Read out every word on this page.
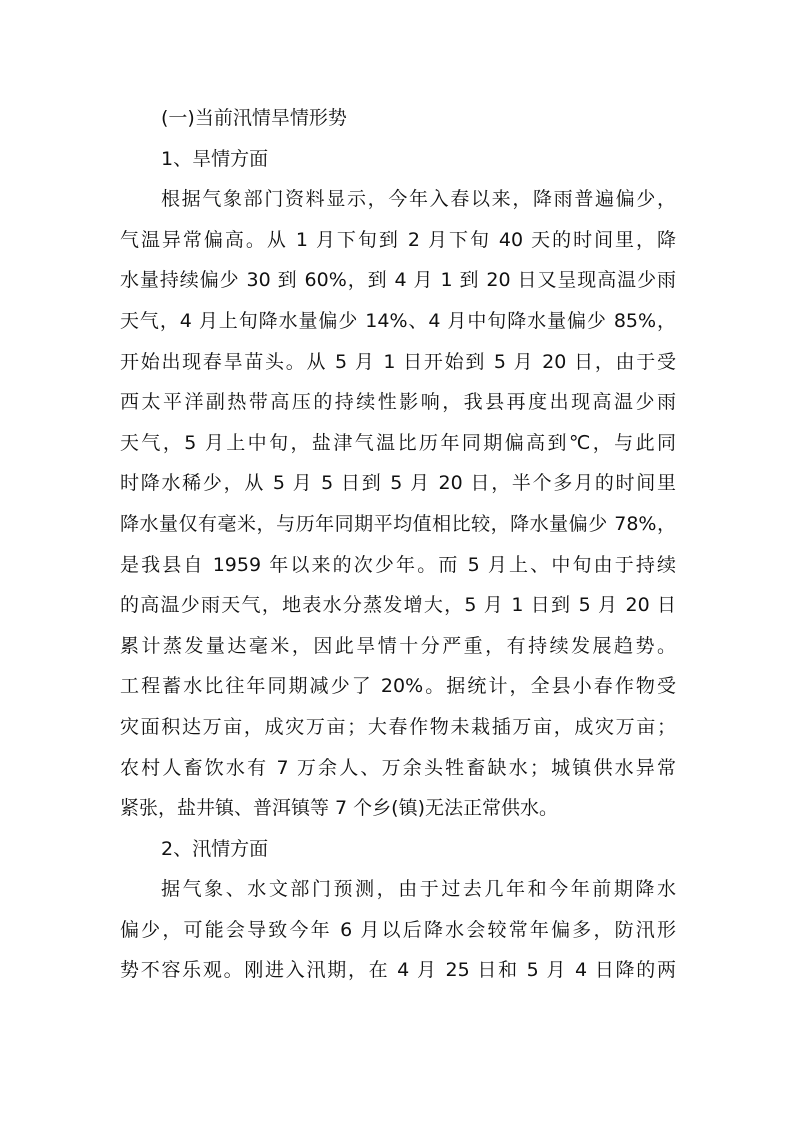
(一)当前汛情旱情形势
1、旱情方面
根据气象部门资料显示，今年入春以来，降雨普遍偏少，
气温异常偏高。从 1 月下旬到 2 月下旬 40 天的时间里，降
水量持续偏少 30 到 60%，到 4 月 1 到 20 日又呈现高温少雨
天气，4 月上旬降水量偏少 14%、4 月中旬降水量偏少 85%，
开始出现春旱苗头。从 5 月 1 日开始到 5 月 20 日，由于受
西太平洋副热带高压的持续性影响，我县再度出现高温少雨
天气，5 月上中旬，盐津气温比历年同期偏高到℃，与此同
时降水稀少，从 5 月 5 日到 5 月 20 日，半个多月的时间里
降水量仅有毫米，与历年同期平均值相比较，降水量偏少 78%，
是我县自 1959 年以来的次少年。而 5 月上、中旬由于持续
的高温少雨天气，地表水分蒸发增大，5 月 1 日到 5 月 20 日
累计蒸发量达毫米，因此旱情十分严重，有持续发展趋势。
工程蓄水比往年同期减少了 20%。据统计，全县小春作物受
灾面积达万亩，成灾万亩；大春作物未栽插万亩，成灾万亩；
农村人畜饮水有 7 万余人、万余头牲畜缺水；城镇供水异常
紧张，盐井镇、普洱镇等 7 个乡(镇)无法正常供水。
2、汛情方面
据气象、水文部门预测，由于过去几年和今年前期降水
偏少，可能会导致今年 6 月以后降水会较常年偏多，防汛形
势不容乐观。刚进入汛期，在 4 月 25 日和 5 月 4 日降的两
